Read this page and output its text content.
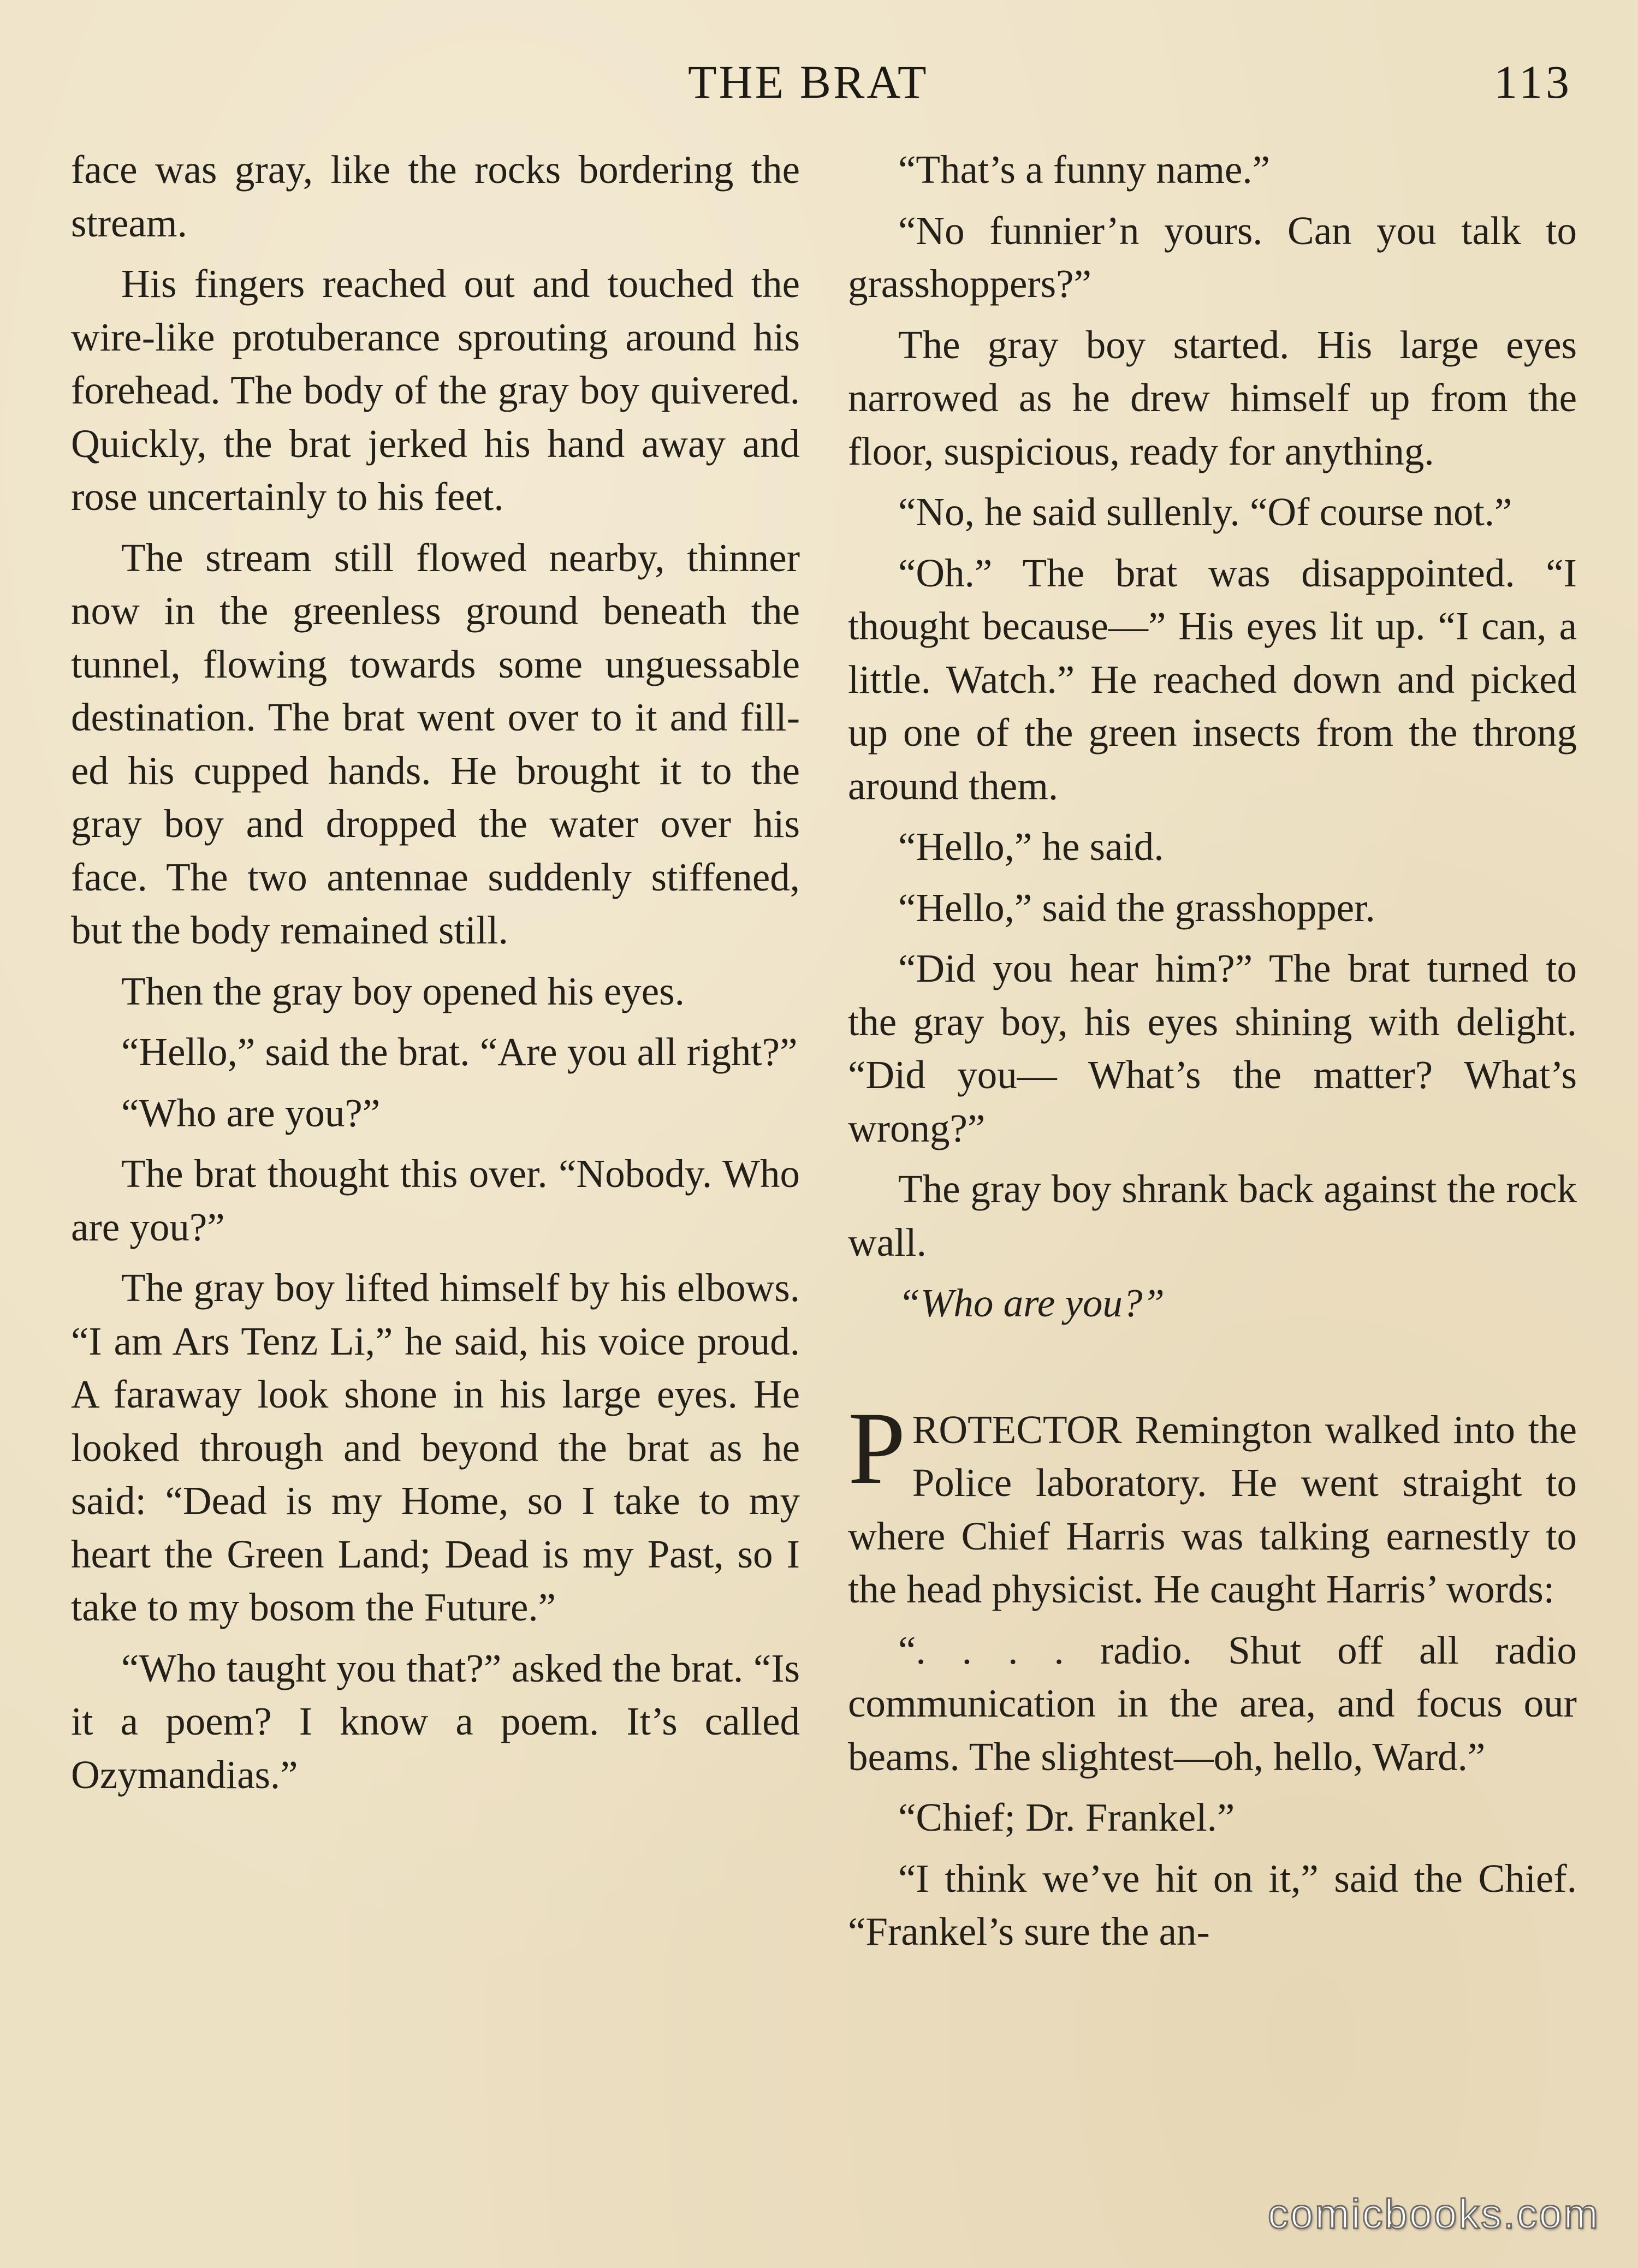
THE BRAT	113

face was gray, like the rocks bordering the stream.

His fingers reached out and touched the wire-like protuberance sprouting around his forehead. The body of the gray boy quivered. Quickly, the brat jerked his hand away and rose uncertainly to his feet.

The stream still flowed nearby, thinner now in the greenless ground beneath the tunnel, flowing towards some unguessable destination. The brat went over to it and filled his cupped hands. He brought it to the gray boy and dropped the water over his face. The two antennae suddenly stiffened, but the body remained still.

Then the gray boy opened his eyes.

“Hello,” said the brat. “Are you all right?”

“Who are you?”

The brat thought this over. “Nobody. Who are you?”

The gray boy lifted himself by his elbows. “I am Ars Tenz Li,” he said, his voice proud. A faraway look shone in his large eyes. He looked through and beyond the brat as he said: “Dead is my Home, so I take to my heart the Green Land; Dead is my Past, so I take to my bosom the Future.”

“Who taught you that?” asked the brat. “Is it a poem? I know a poem. It’s called Ozymandias.”

“That’s a funny name.”

“No funnier’n yours. Can you talk to grasshoppers?”

The gray boy started. His large eyes narrowed as he drew himself up from the floor, suspicious, ready for anything.

“No, he said sullenly. “Of course not.”

“Oh.” The brat was disappointed. “I thought because—” His eyes lit up. “I can, a little. Watch.” He reached down and picked up one of the green insects from the throng around them.

“Hello,” he said.

“Hello,” said the grasshopper.

“Did you hear him?” The brat turned to the gray boy, his eyes shining with delight. “Did you— What’s the matter? What’s wrong?”

The gray boy shrank back against the rock wall.

“Who are you?”

PROTECTOR Remington walked into the Police laboratory. He went straight to where Chief Harris was talking earnestly to the head physicist. He caught Harris’ words:

“. . . . radio. Shut off all radio communication in the area, and focus our beams. The slightest—oh, hello, Ward.”

“Chief; Dr. Frankel.”

“I think we’ve hit on it,” said the Chief. “Frankel’s sure the an-

comicbooks.com
